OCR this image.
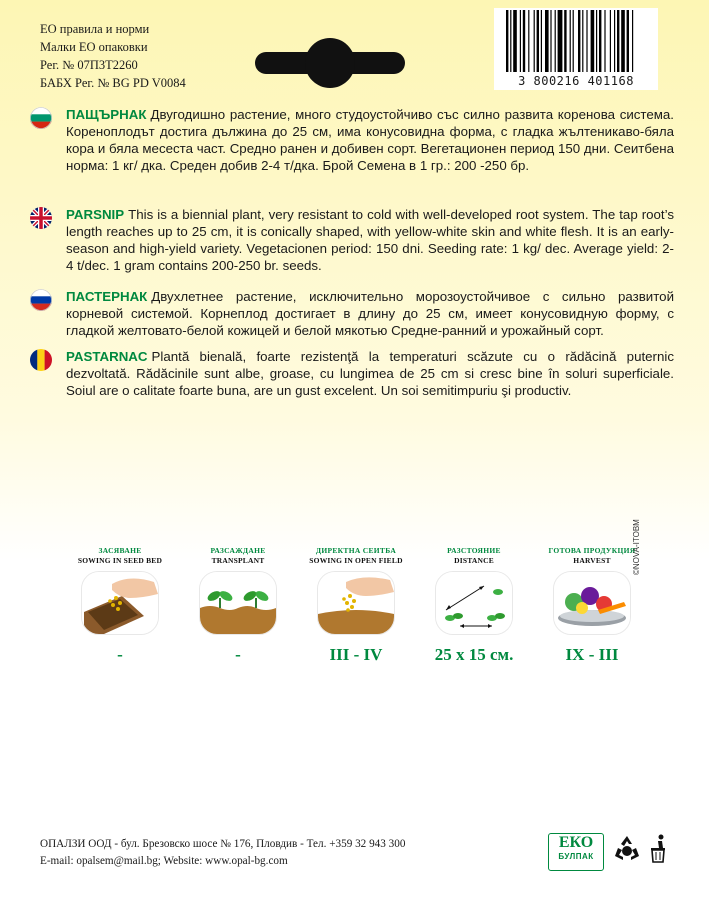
ЕО правила и норми
Малки ЕО опаковки
Рег. № 07П3Т2260
БАБХ Рег. № BG PD V0084	3 800216 401168
ПАЩЪРНАК Двугодишно растение, много студоустойчиво със силно развита коренова система. Коренoплодът достига дължина до 25 см, има конусовидна форма, с гладка жълтеникаво-бяла кора и бяла месеста част. Средно ранен и добивен сорт. Вегетационен период 150 дни. Сеитбена норма: 1 кг/ дка. Среден добив 2-4 т/дка. Брой Семена в 1 гр.: 200 -250 бр.
PARSNIP This is a biennial plant, very resistant to cold with well-developed root system. The tap root’s length reaches up to 25 cm, it is conically shaped, with yellow-white skin and white flesh. It is an early-season and high-yield variety. Vegetacionen period: 150 dni. Seeding rate: 1 kg/ dec. Average yield: 2-4 t/dec. 1 gram contains 200-250 br. seeds.
ПАСТЕРНАК Двухлетнее растение, исключительно морозоустойчивое с сильно развитой корневой системой. Корнеплод достигает в длину до 25 см, имеет конусовидную форму, с гладкой желтовато-белой кожицей и белой мякотью Средне-ранний и урожайный сорт.
PASTARNAC Plantă bienală, foarte rezistenţă la temperaturi scăzute cu o rădăcină puternic dezvoltată. Rădăcinile sunt albe, groase, cu lungimea de 25 cm si cresc bine în soluri superficiale. Soiul are o calitate foarte buna, are un gust excelent. Un soi semitimpuriu şi productiv.
ЗАСЯВАНЕ
SOWING IN SEED BED
-
РАЗСАЖДАНЕ
TRANSPLANT
-
ДИРЕКТНА СЕИТБА
SOWING IN OPEN FIELD
III - IV
РАЗСТОЯНИЕ
DISTANCE
25 x 15 см.
ГОТОВА ПРОДУКЦИЯ
HARVEST
IX - III
©NOVA-ITOBM
ОПАЛЗИ ООД - бул. Брезовско шосе № 176, Пловдив - Тел. +359 32 943 300
E-mail: opalsem@mail.bg; Website: www.opal-bg.com
ЕКО
БУЛПАК
